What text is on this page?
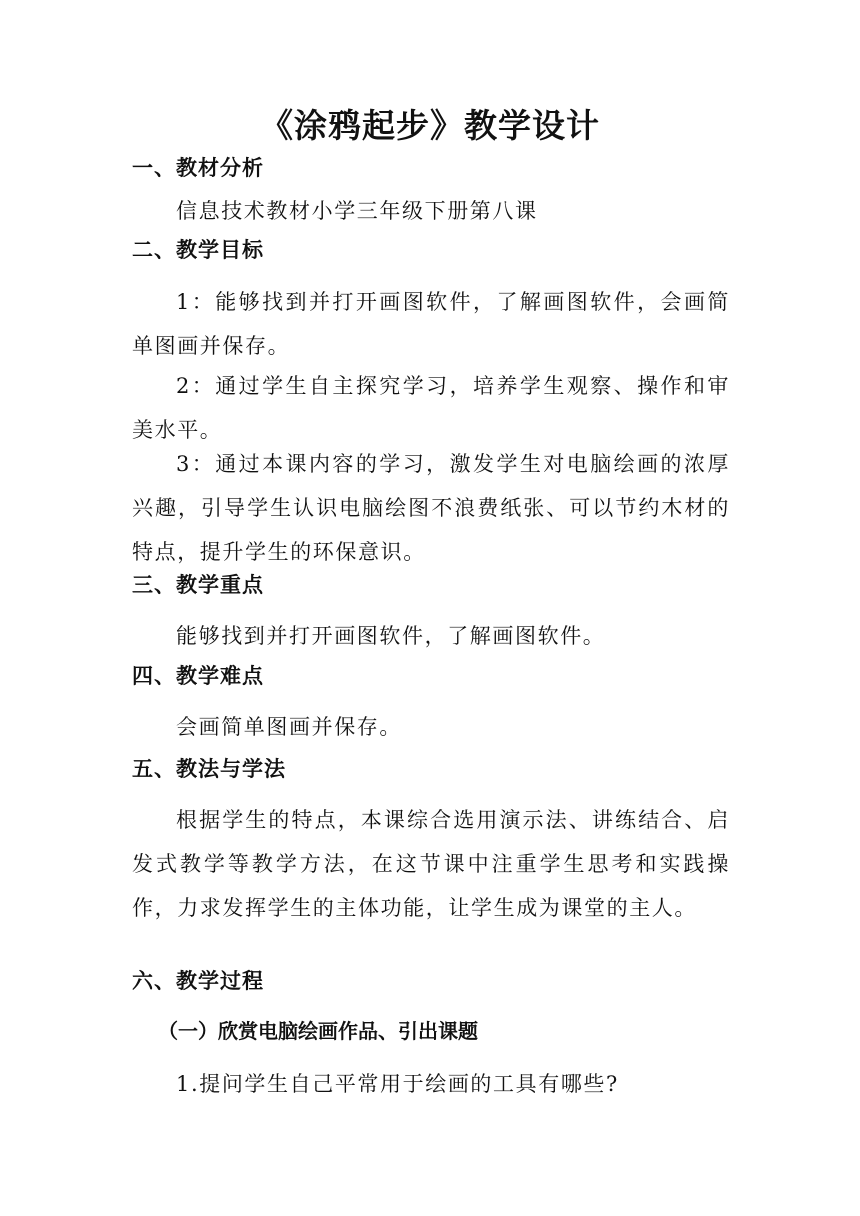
《涂鸦起步》教学设计
一、教材分析
信息技术教材小学三年级下册第八课
二、教学目标
1：能够找到并打开画图软件，了解画图软件，会画简单图画并保存。
2：通过学生自主探究学习，培养学生观察、操作和审美水平。
3：通过本课内容的学习，激发学生对电脑绘画的浓厚兴趣，引导学生认识电脑绘图不浪费纸张、可以节约木材的特点，提升学生的环保意识。
三、教学重点
能够找到并打开画图软件，了解画图软件。
四、教学难点
会画简单图画并保存。
五、教法与学法
根据学生的特点，本课综合选用演示法、讲练结合、启发式教学等教学方法，在这节课中注重学生思考和实践操作，力求发挥学生的主体功能，让学生成为课堂的主人。
六、教学过程
（一）欣赏电脑绘画作品、引出课题
1.提问学生自己平常用于绘画的工具有哪些?
